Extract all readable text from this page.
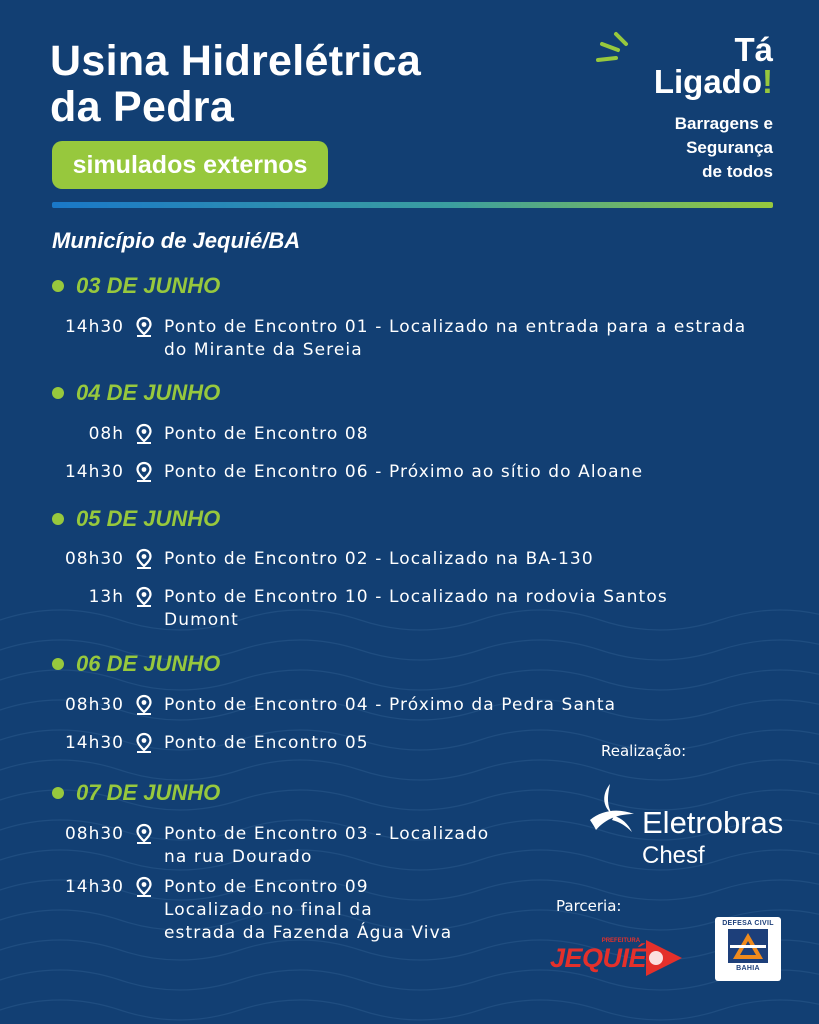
Usina Hidrelétrica
da Pedra
simulados externos
Tá
Ligado!
Barragens e
Segurança
de todos
Município de Jequié/BA
03 DE JUNHO
14h30 Ponto de Encontro 01 - Localizado na entrada para a estrada
do Mirante da Sereia
04 DE JUNHO
08h Ponto de Encontro 08
14h30 Ponto de Encontro 06 - Próximo ao sítio do Aloane
05 DE JUNHO
08h30 Ponto de Encontro 02 - Localizado na BA-130
13h Ponto de Encontro 10 - Localizado na rodovia Santos
Dumont
06 DE JUNHO
08h30 Ponto de Encontro 04 - Próximo da Pedra Santa
14h30 Ponto de Encontro 05
07 DE JUNHO
08h30 Ponto de Encontro 03 - Localizado
na rua Dourado
14h30 Ponto de Encontro 09
Localizado no final da
estrada da Fazenda Água Viva
Realização:
Eletrobras
Chesf
Parceria:
PREFEITURA
JEQUIÉ
DEFESA CIVIL
BAHIA
